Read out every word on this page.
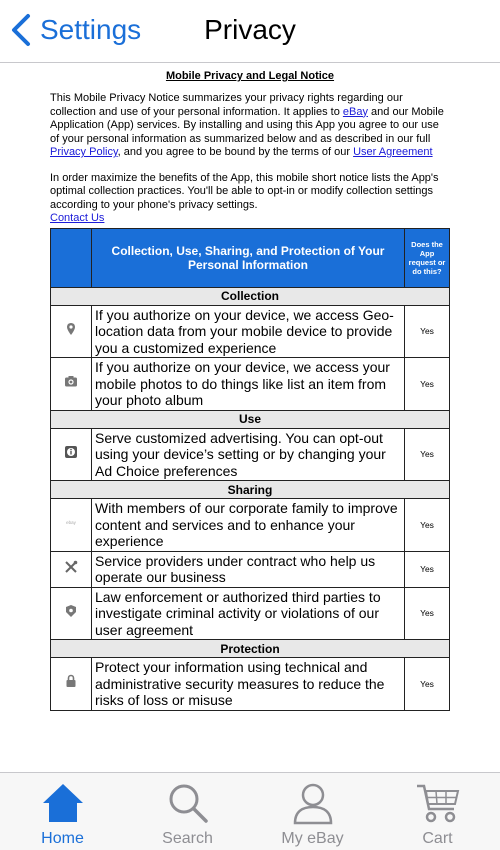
Settings	Privacy
Mobile Privacy and Legal Notice

This Mobile Privacy Notice summarizes your privacy rights regarding our collection and use of your personal information. It applies to eBay and our Mobile Application (App) services. By installing and using this App you agree to our use of your personal information as summarized below and as described in our full Privacy Policy, and you agree to be bound by the terms of our User Agreement

In order maximize the benefits of the App, this mobile short notice lists the App's optimal collection practices. You'll be able to opt-in or modify collection settings according to your phone's privacy settings.
Contact Us

	Collection, Use, Sharing, and Protection of Your Personal Information	Does the App request or do this?
Collection		
	If you authorize on your device, we access Geo-location data from your mobile device to provide you a customized experience	Yes
	If you authorize on your device, we access your mobile photos to do things like list an item from your photo album	Yes
Use		
	Serve customized advertising. You can opt-out using your device’s setting or by changing your Ad Choice preferences	Yes
Sharing		

ebay	With members of our corporate family to improve content and services and to enhance your experience	Yes
	Service providers under contract who help us operate our business	Yes
	Law enforcement or authorized third parties to investigate criminal activity or violations of our user agreement	Yes
Protection		
	Protect your information using technical and administrative security measures to reduce the risks of loss or misuse	Yes
Home	Search	My eBay	Cart
